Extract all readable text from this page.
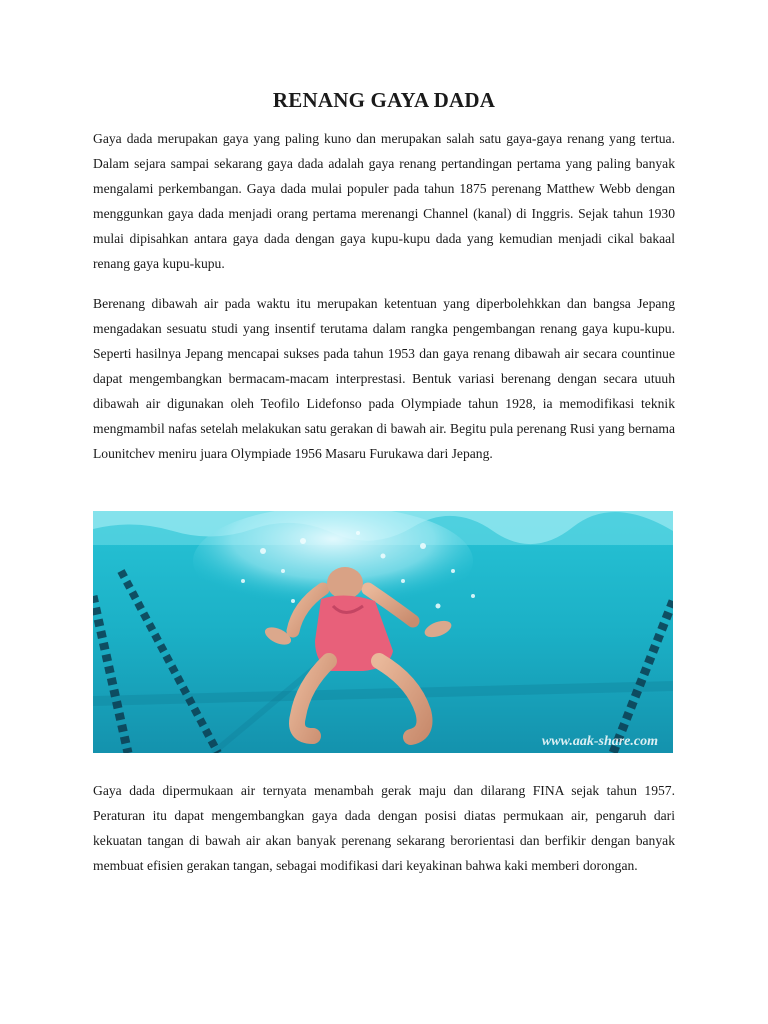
RENANG GAYA DADA

Gaya dada merupakan gaya yang paling kuno dan merupakan salah satu gaya-gaya renang yang tertua. Dalam sejara sampai sekarang gaya dada adalah gaya renang pertandingan pertama yang paling banyak mengalami perkembangan. Gaya dada mulai populer pada tahun 1875 perenang Matthew Webb dengan menggunkan gaya dada menjadi orang pertama merenangi Channel (kanal) di Inggris. Sejak tahun 1930 mulai dipisahkan antara gaya dada dengan gaya kupu-kupu dada yang kemudian menjadi cikal bakaal renang gaya kupu-kupu.

Berenang dibawah air pada waktu itu merupakan ketentuan yang diperbolehkkan dan bangsa Jepang mengadakan sesuatu studi yang insentif terutama dalam rangka pengembangan renang gaya kupu-kupu. Seperti hasilnya Jepang mencapai sukses pada tahun 1953 dan gaya renang dibawah air secara countinue dapat mengembangkan bermacam-macam interprestasi. Bentuk variasi berenang dengan secara utuuh dibawah air digunakan oleh Teofilo Lidefonso pada Olympiade tahun 1928, ia memodifikasi teknik mengmambil nafas setelah melakukan satu gerakan di bawah air. Begitu pula perenang Rusi yang bernama Lounitchev meniru juara Olympiade 1956 Masaru Furukawa dari Jepang.

www.aak-share.com

Gaya dada dipermukaan air ternyata menambah gerak maju dan dilarang FINA sejak tahun 1957. Peraturan itu dapat mengembangkan gaya dada dengan posisi diatas permukaan air, pengaruh dari kekuatan tangan di bawah air akan banyak perenang sekarang berorientasi dan berfikir dengan banyak membuat efisien gerakan tangan, sebagai modifikasi dari keyakinan bahwa kaki memberi dorongan.
